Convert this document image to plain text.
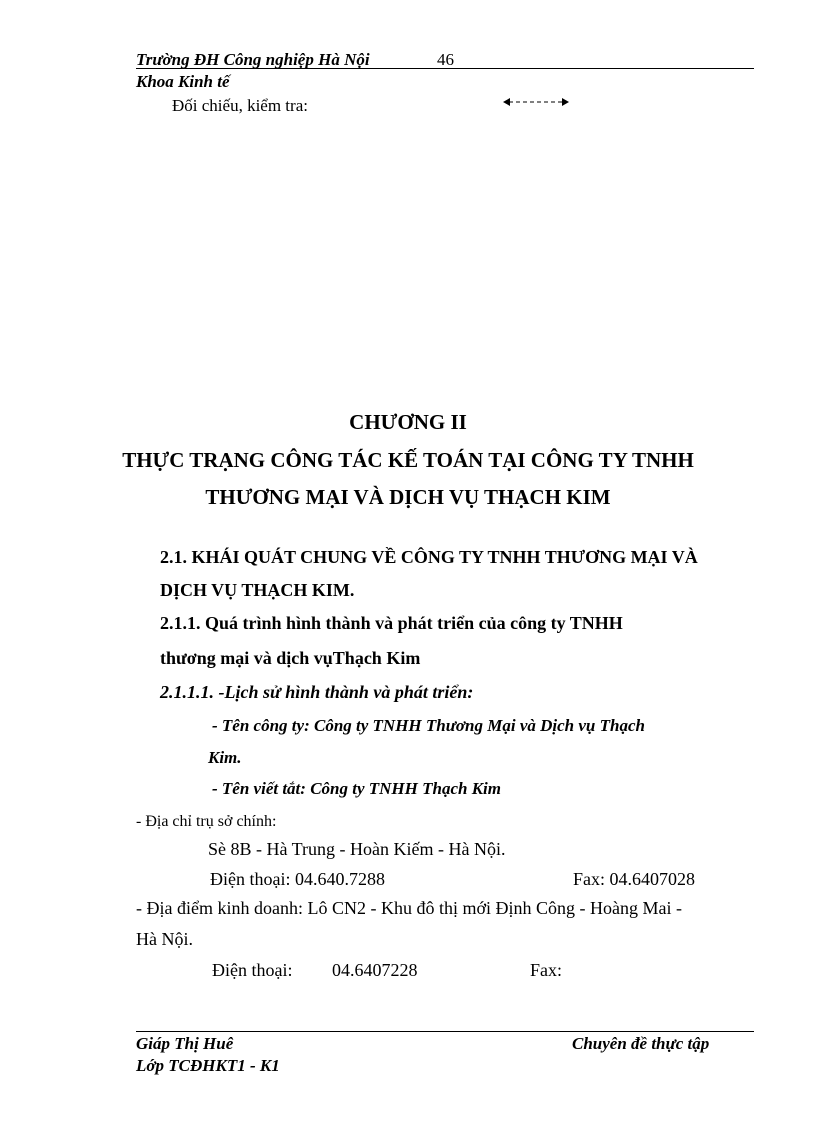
Trường ĐH Công nghiệp Hà Nội	46
Khoa Kinh tế
Đối chiếu, kiểm tra:
CHƯƠNG II
THỰC TRẠNG CÔNG TÁC KẾ TOÁN TẠI CÔNG TY TNHH
THƯƠNG MẠI VÀ DỊCH VỤ THẠCH KIM
2.1. KHÁI QUÁT CHUNG VỀ CÔNG TY TNHH THƯƠNG MẠI VÀ
DỊCH VỤ THẠCH KIM.
2.1.1. Quá trình hình thành và phát triển của công ty TNHH
thương mại và dịch vụThạch Kim
2.1.1.1. -Lịch sử hình thành và phát triển:
- Tên công ty: Công ty TNHH Thương Mại và Dịch vụ Thạch
Kim.
- Tên viết tắt: Công ty TNHH Thạch Kim
- Địa chỉ trụ sở chính:
Sè 8B - Hà Trung - Hoàn Kiếm - Hà Nội.
Điện thoại: 04.640.7288	Fax: 04.6407028
- Địa điểm kinh doanh: Lô CN2 - Khu đô thị mới Định Công - Hoàng Mai -
Hà Nội.
Điện thoại: 04.6407228	Fax:
Giáp Thị Huê	Chuyên đề thực tập
Lớp TCĐHKT1 - K1
